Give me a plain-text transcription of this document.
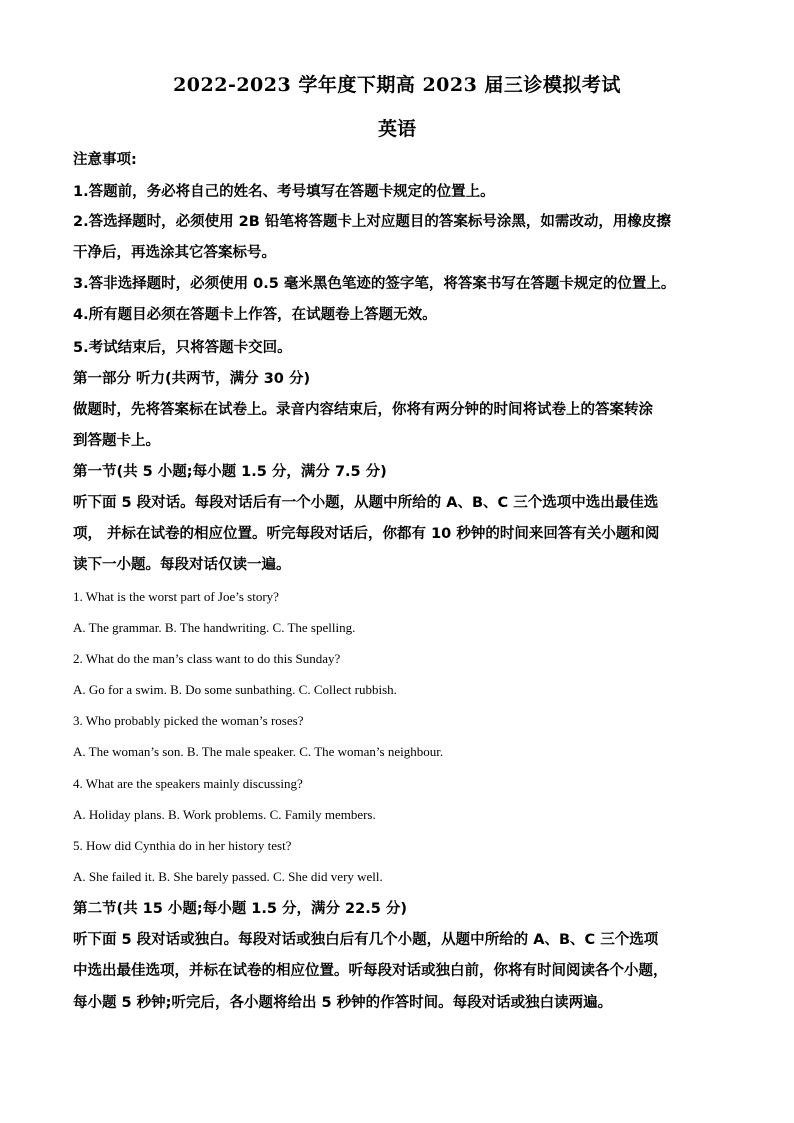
2022-2023 学年度下期高 2023 届三诊模拟考试
英语
注意事项:
1.答题前，务必将自己的姓名、考号填写在答题卡规定的位置上。
2.答选择题时，必须使用 2B 铅笔将答题卡上对应题目的答案标号涂黑，如需改动，用橡皮擦
干净后，再选涂其它答案标号。
3.答非选择题时，必须使用 0.5 毫米黑色笔迹的签字笔，将答案书写在答题卡规定的位置上。
4.所有题目必须在答题卡上作答，在试题卷上答题无效。
5.考试结束后，只将答题卡交回。
第一部分 听力(共两节，满分 30 分)
做题时，先将答案标在试卷上。录音内容结束后，你将有两分钟的时间将试卷上的答案转涂
到答题卡上。
第一节(共 5 小题;每小题 1.5 分，满分 7.5 分)
听下面 5 段对话。每段对话后有一个小题，从题中所给的 A、B、C 三个选项中选出最佳选
项， 并标在试卷的相应位置。听完每段对话后，你都有 10 秒钟的时间来回答有关小题和阅
读下一小题。每段对话仅读一遍。
1. What is the worst part of Joe’s story?
A. The grammar. B. The handwriting. C. The spelling.
2. What do the man’s class want to do this Sunday?
A. Go for a swim. B. Do some sunbathing. C. Collect rubbish.
3. Who probably picked the woman’s roses?
A. The woman’s son. B. The male speaker. C. The woman’s neighbour.
4. What are the speakers mainly discussing?
A. Holiday plans. B. Work problems. C. Family members.
5. How did Cynthia do in her history test?
A. She failed it. B. She barely passed. C. She did very well.
第二节(共 15 小题;每小题 1.5 分，满分 22.5 分)
听下面 5 段对话或独白。每段对话或独白后有几个小题，从题中所给的 A、B、C 三个选项
中选出最佳选项，并标在试卷的相应位置。听每段对话或独白前，你将有时间阅读各个小题，
每小题 5 秒钟;听完后，各小题将给出 5 秒钟的作答时间。每段对话或独白读两遍。
